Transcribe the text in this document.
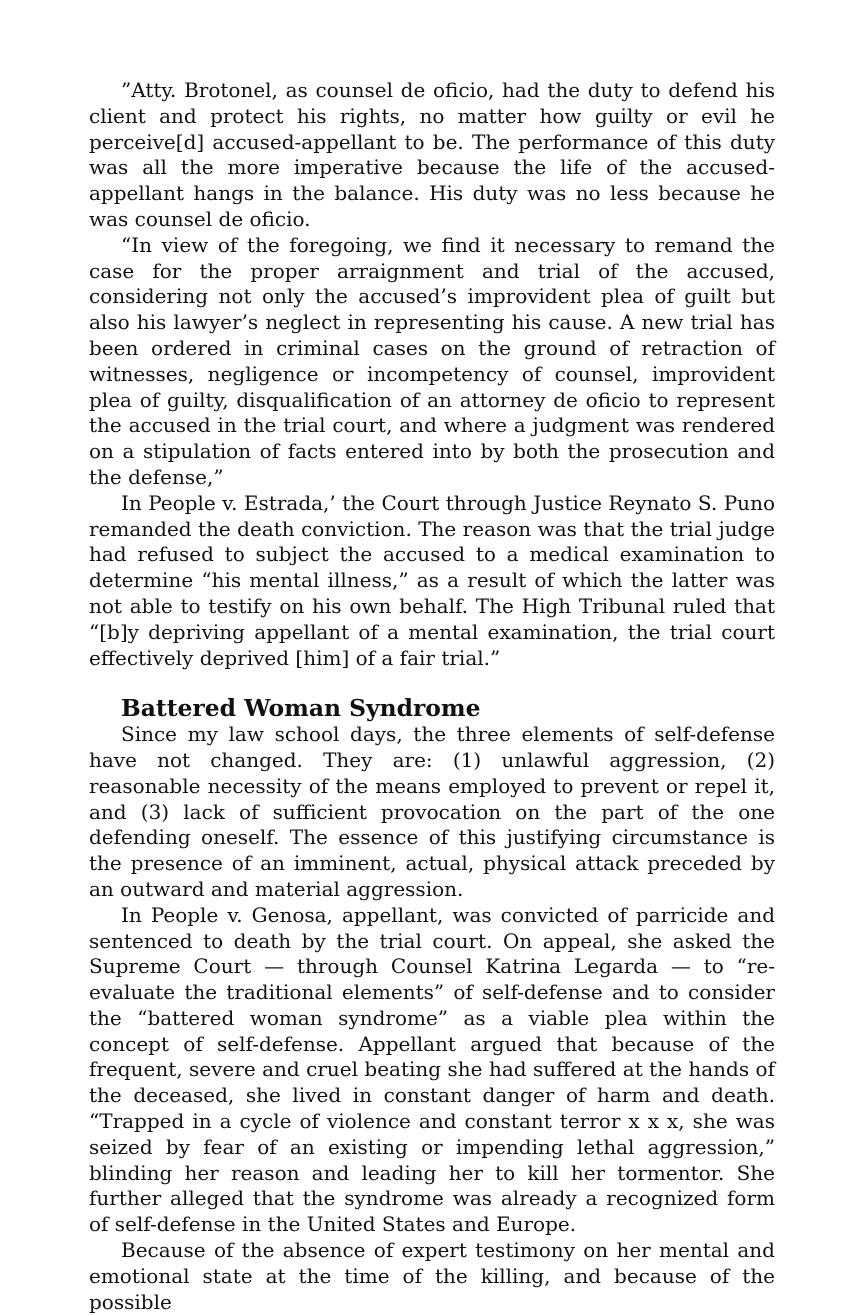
”Atty. Brotonel, as counsel de oficio, had the duty to defend his client and protect his rights, no matter how guilty or evil he perceive[d] accused-appellant to be. The performance of this duty was all the more imperative because the life of the accused-appellant hangs in the balance. His duty was no less because he was counsel de oficio.

“In view of the foregoing, we find it necessary to remand the case for the proper arraignment and trial of the accused, considering not only the accused’s improvident plea of guilt but also his lawyer’s neglect in representing his cause. A new trial has been ordered in criminal cases on the ground of retraction of witnesses, negligence or incompetency of counsel, improvident plea of guilty, disqualification of an attorney de oficio to represent the accused in the trial court, and where a judgment was rendered on a stipulation of facts entered into by both the prosecution and the defense,”

In People v. Estrada,’ the Court through Justice Reynato S. Puno remanded the death conviction. The reason was that the trial judge had refused to subject the accused to a medical examination to determine “his mental illness,” as a result of which the latter was not able to testify on his own behalf. The High Tribunal ruled that “[b]y depriving appellant of a mental examination, the trial court effectively deprived [him] of a fair trial.”

Battered Woman Syndrome

Since my law school days, the three elements of self-defense have not changed. They are: (1) unlawful aggression, (2) reasonable necessity of the means employed to prevent or repel it, and (3) lack of sufficient provocation on the part of the one defending oneself. The essence of this justifying circumstance is the presence of an imminent, actual, physical attack preceded by an outward and material aggression.

In People v. Genosa, appellant, was convicted of parricide and sentenced to death by the trial court. On appeal, she asked the Supreme Court — through Counsel Katrina Legarda — to “re-evaluate the traditional elements” of self-defense and to consider the “battered woman syndrome” as a viable plea within the concept of self-defense. Appellant argued that because of the frequent, severe and cruel beating she had suffered at the hands of the deceased, she lived in constant danger of harm and death. “Trapped in a cycle of violence and constant terror x x x, she was seized by fear of an existing or impending lethal aggression,” blinding her reason and leading her to kill her tormentor. She further alleged that the syndrome was already a recognized form of self-defense in the United States and Europe.

Because of the absence of expert testimony on her mental and emotional state at the time of the killing, and because of the possible
